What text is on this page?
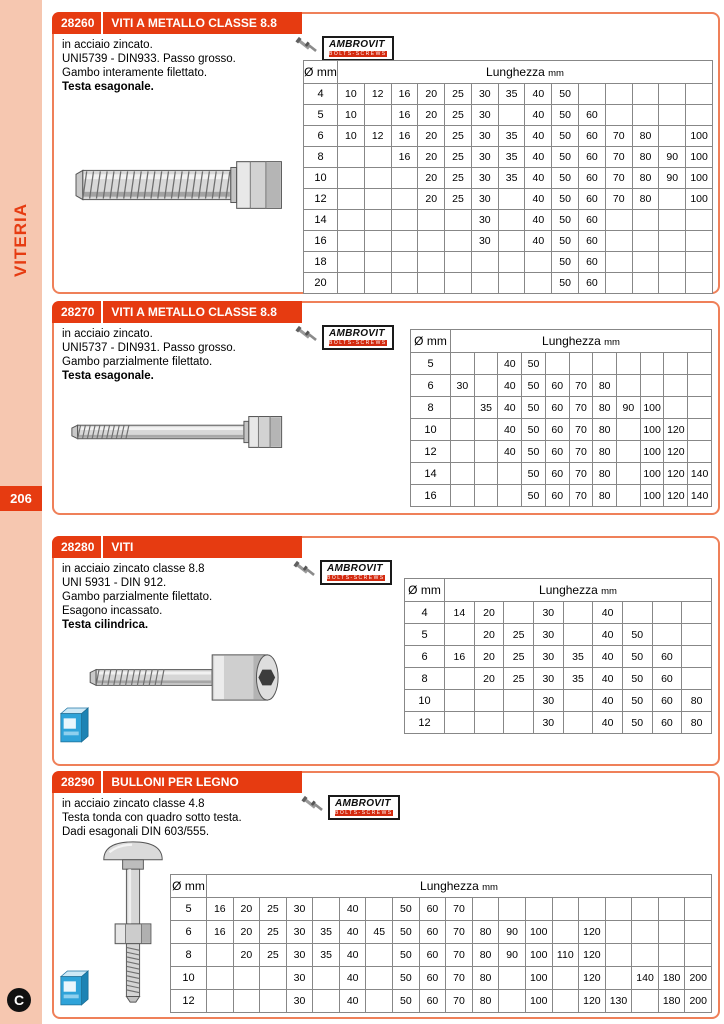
VITERIA
206
C
28260	VITI A METALLO CLASSE 8.8
in acciaio zincato.
UNI5739 - DIN933. Passo grosso.
Gambo interamente filettato.
Testa esagonale.
AMBROVIT
BOLTS-SCREWS
Ø mm	Lunghezza mm													
4	10	12	16	20	25	30	35	40	50					
5	10		16	20	25	30		40	50	60				
6	10	12	16	20	25	30	35	40	50	60	70	80		100
8			16	20	25	30	35	40	50	60	70	80	90	100
10				20	25	30	35	40	50	60	70	80	90	100
12				20	25	30		40	50	60	70	80		100
14						30		40	50	60				
16						30		40	50	60				
18									50	60				
20									50	60				
28270	VITI A METALLO CLASSE 8.8
in acciaio zincato.
UNI5737 - DIN931. Passo grosso.
Gambo parzialmente filettato.
Testa esagonale.
AMBROVIT
BOLTS-SCREWS Ø mm	Lunghezza mm										
5			40	50							
6	30		40	50	60	70	80				
8		35	40	50	60	70	80	90	100		
10			40	50	60	70	80		100	120	
12			40	50	60	70	80		100	120	
14				50	60	70	80		100	120	140
16				50	60	70	80		100	120	140
28280	VITI
in acciaio zincato classe 8.8
UNI 5931 - DIN 912.
Gambo parzialmente filettato.
Esagono incassato.
Testa cilindrica.
AMBROVIT
BOLTS-SCREWS
Ø mm	Lunghezza mm								
4	14	20		30		40			
5		20	25	30		40	50		
6	16	20	25	30	35	40	50	60	
8		20	25	30	35	40	50	60	
10				30		40	50	60	80
12				30		40	50	60	80
28290	BULLONI PER LEGNO
in acciaio zincato classe 4.8
Testa tonda con quadro sotto testa.
Dadi esagonali DIN 603/555.
AMBROVIT
BOLTS-SCREWS
Ø mm	Lunghezza mm																		
5	16	20	25	30		40		50	60	70									
6	16	20	25	30	35	40	45	50	60	70	80	90	100		120				
8		20	25	30	35	40		50	60	70	80	90	100	110	120				
10				30		40		50	60	70	80		100		120		140	180	200
12				30		40		50	60	70	80		100		120	130		180	200
